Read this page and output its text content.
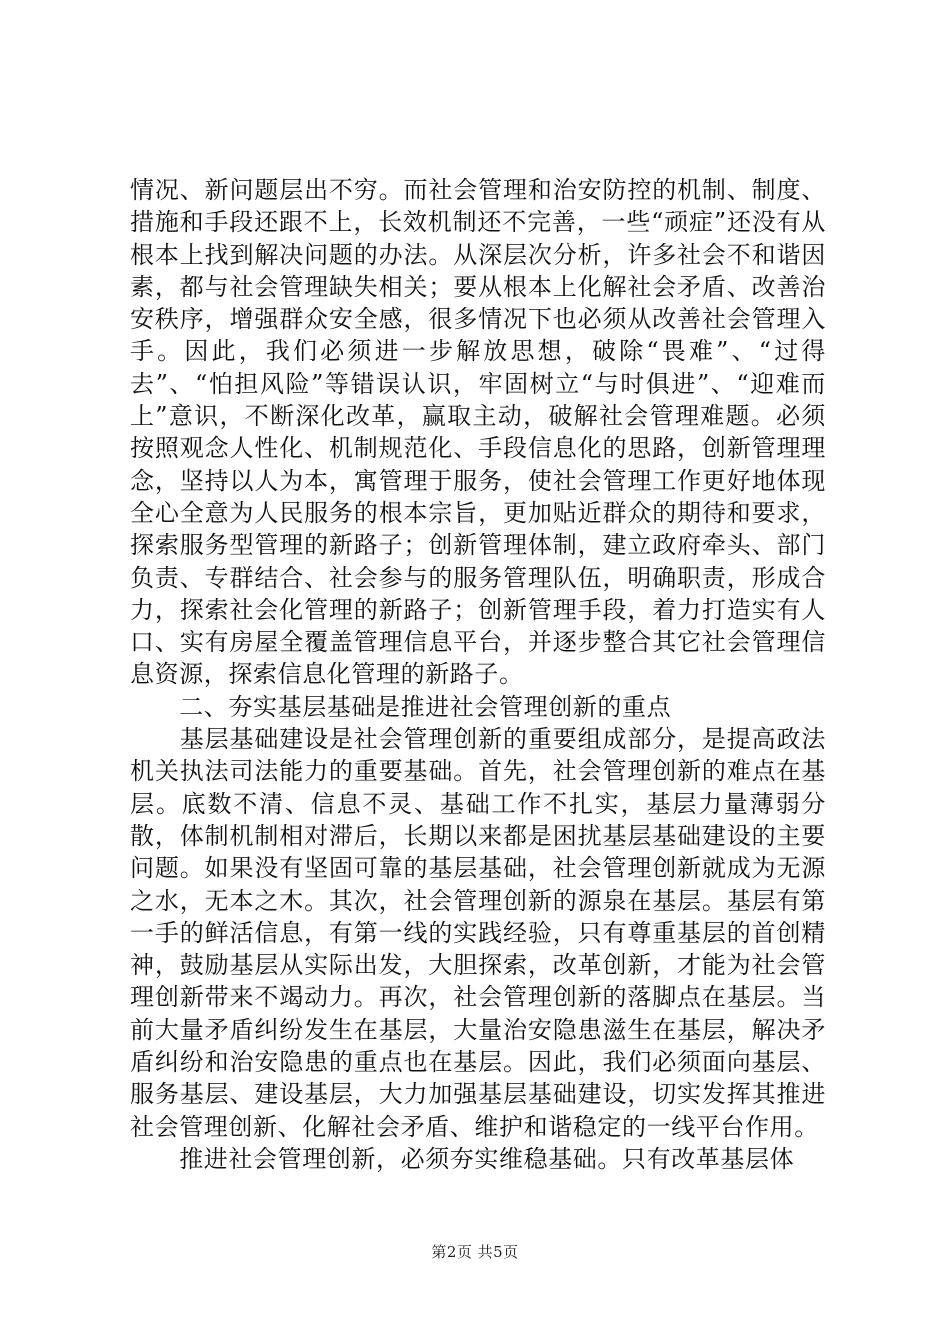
情况、新问题层出不穷。而社会管理和治安防控的机制、制度、措施和手段还跟不上，长效机制还不完善，一些“顽症”还没有从根本上找到解决问题的办法。从深层次分析，许多社会不和谐因素，都与社会管理缺失相关；要从根本上化解社会矛盾、改善治安秩序，增强群众安全感，很多情况下也必须从改善社会管理入手。因此，我们必须进一步解放思想，破除“畏难”、“过得去”、“怕担风险”等错误认识，牢固树立“与时俱进”、“迎难而上”意识，不断深化改革，赢取主动，破解社会管理难题。必须按照观念人性化、机制规范化、手段信息化的思路，创新管理理念，坚持以人为本，寓管理于服务，使社会管理工作更好地体现全心全意为人民服务的根本宗旨，更加贴近群众的期待和要求，探索服务型管理的新路子；创新管理体制，建立政府牵头、部门负责、专群结合、社会参与的服务管理队伍，明确职责，形成合力，探索社会化管理的新路子；创新管理手段，着力打造实有人口、实有房屋全覆盖管理信息平台，并逐步整合其它社会管理信息资源，探索信息化管理的新路子。

　　二、夯实基层基础是推进社会管理创新的重点

　　基层基础建设是社会管理创新的重要组成部分，是提高政法机关执法司法能力的重要基础。首先，社会管理创新的难点在基层。底数不清、信息不灵、基础工作不扎实，基层力量薄弱分散，体制机制相对滞后，长期以来都是困扰基层基础建设的主要问题。如果没有坚固可靠的基层基础，社会管理创新就成为无源之水，无本之木。其次，社会管理创新的源泉在基层。基层有第一手的鲜活信息，有第一线的实践经验，只有尊重基层的首创精神，鼓励基层从实际出发，大胆探索，改革创新，才能为社会管理创新带来不竭动力。再次，社会管理创新的落脚点在基层。当前大量矛盾纠纷发生在基层，大量治安隐患滋生在基层，解决矛盾纠纷和治安隐患的重点也在基层。因此，我们必须面向基层、服务基层、建设基层，大力加强基层基础建设，切实发挥其推进社会管理创新、化解社会矛盾、维护和谐稳定的一线平台作用。

　　推进社会管理创新，必须夯实维稳基础。只有改革基层体

第2页 共5页
